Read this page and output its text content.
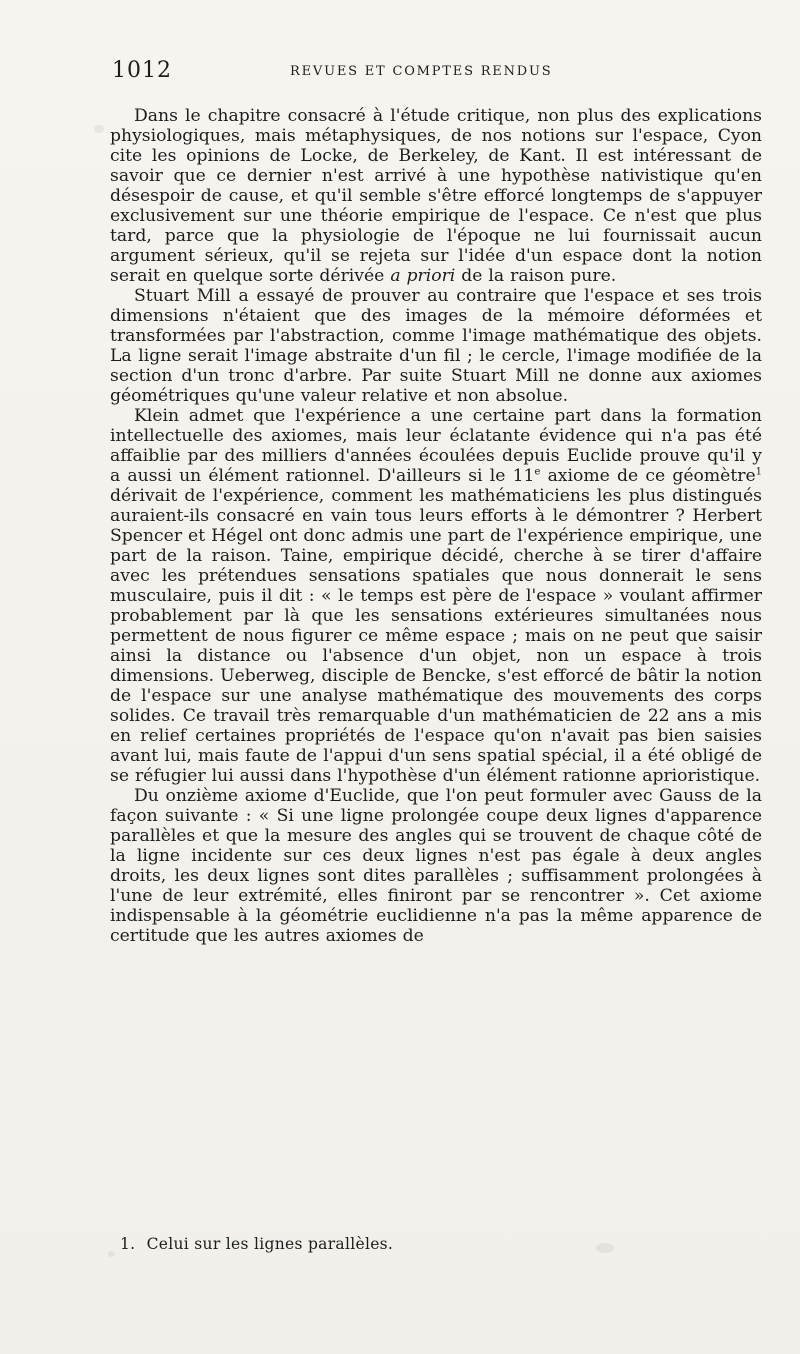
1012	REVUES ET COMPTES RENDUS

Dans le chapitre consacré à l'étude critique, non plus des explications physiologiques, mais métaphysiques, de nos notions sur l'espace, Cyon cite les opinions de Locke, de Berkeley, de Kant. Il est intéressant de savoir que ce dernier n'est arrivé à une hypothèse nativistique qu'en désespoir de cause, et qu'il semble s'être efforcé longtemps de s'appuyer exclusivement sur une théorie empirique de l'espace. Ce n'est que plus tard, parce que la physiologie de l'époque ne lui fournissait aucun argument sérieux, qu'il se rejeta sur l'idée d'un espace dont la notion serait en quelque sorte dérivée a priori de la raison pure.

Stuart Mill a essayé de prouver au contraire que l'espace et ses trois dimensions n'étaient que des images de la mémoire déformées et transformées par l'abstraction, comme l'image mathématique des objets. La ligne serait l'image abstraite d'un fil ; le cercle, l'image modifiée de la section d'un tronc d'arbre. Par suite Stuart Mill ne donne aux axiomes géométriques qu'une valeur relative et non absolue.

Klein admet que l'expérience a une certaine part dans la formation intellectuelle des axiomes, mais leur éclatante évidence qui n'a pas été affaiblie par des milliers d'années écoulées depuis Euclide prouve qu'il y a aussi un élément rationnel. D'ailleurs si le 11e axiome de ce géomètre$^1$ dérivait de l'expérience, comment les mathématiciens les plus distingués auraient-ils consacré en vain tous leurs efforts à le démontrer ? Herbert Spencer et Hégel ont donc admis une part de l'expérience empirique, une part de la raison. Taine, empirique décidé, cherche à se tirer d'affaire avec les prétendues sensations spatiales que nous donnerait le sens musculaire, puis il dit : « le temps est père de l'espace » voulant affirmer probablement par là que les sensations extérieures simultanées nous permettent de nous figurer ce même espace ; mais on ne peut que saisir ainsi la distance ou l'absence d'un objet, non un espace à trois dimensions. Ueberweg, disciple de Bencke, s'est efforcé de bâtir la notion de l'espace sur une analyse mathématique des mouvements des corps solides. Ce travail très remarquable d'un mathématicien de 22 ans a mis en relief certaines propriétés de l'espace qu'on n'avait pas bien saisies avant lui, mais faute de l'appui d'un sens spatial spécial, il a été obligé de se réfugier lui aussi dans l'hypothèse d'un élément rationne aprioristique.

Du onzième axiome d'Euclide, que l'on peut formuler avec Gauss de la façon suivante : « Si une ligne prolongée coupe deux lignes d'apparence parallèles et que la mesure des angles qui se trouvent de chaque côté de la ligne incidente sur ces deux lignes n'est pas égale à deux angles droits, les deux lignes sont dites parallèles ; suffisamment prolongées à l'une de leur extrémité, elles finiront par se rencontrer ». Cet axiome indispensable à la géométrie euclidienne n'a pas la même apparence de certitude que les autres axiomes de

1. Celui sur les lignes parallèles.
